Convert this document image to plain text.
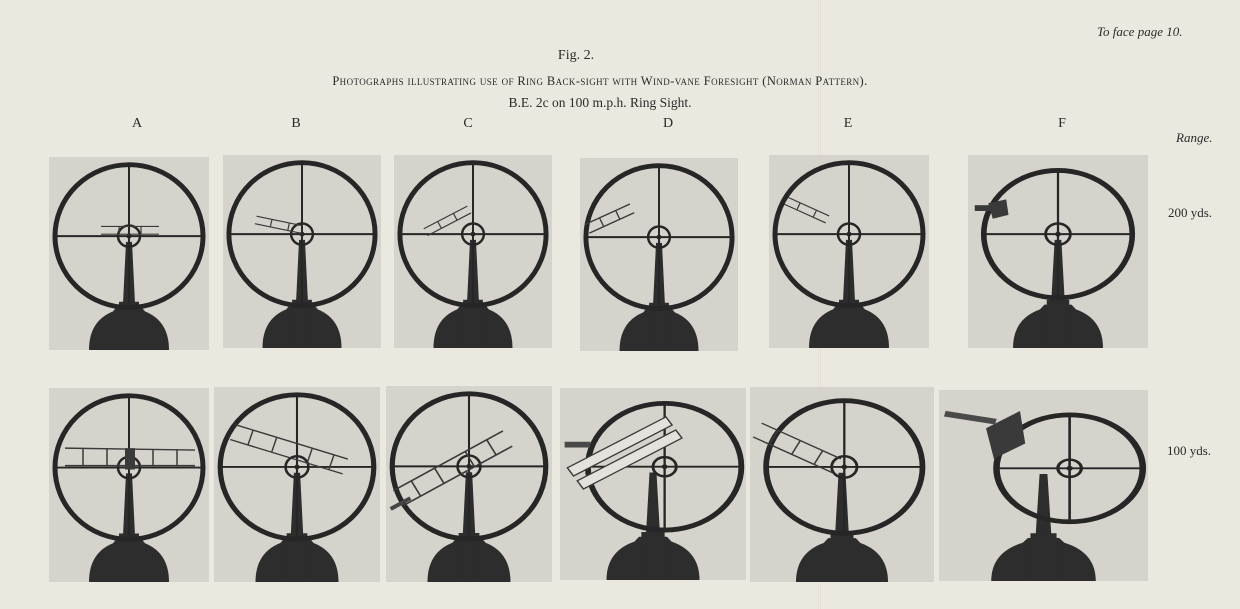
To face page 10.
Fig. 2.
Photographs illustrating use of Ring Back-sight with Wind-vane Foresight (Norman Pattern).
B.E. 2c on 100 m.p.h. Ring Sight.
A	B	C	D	E	F
Range.
200 yds.
100 yds.
